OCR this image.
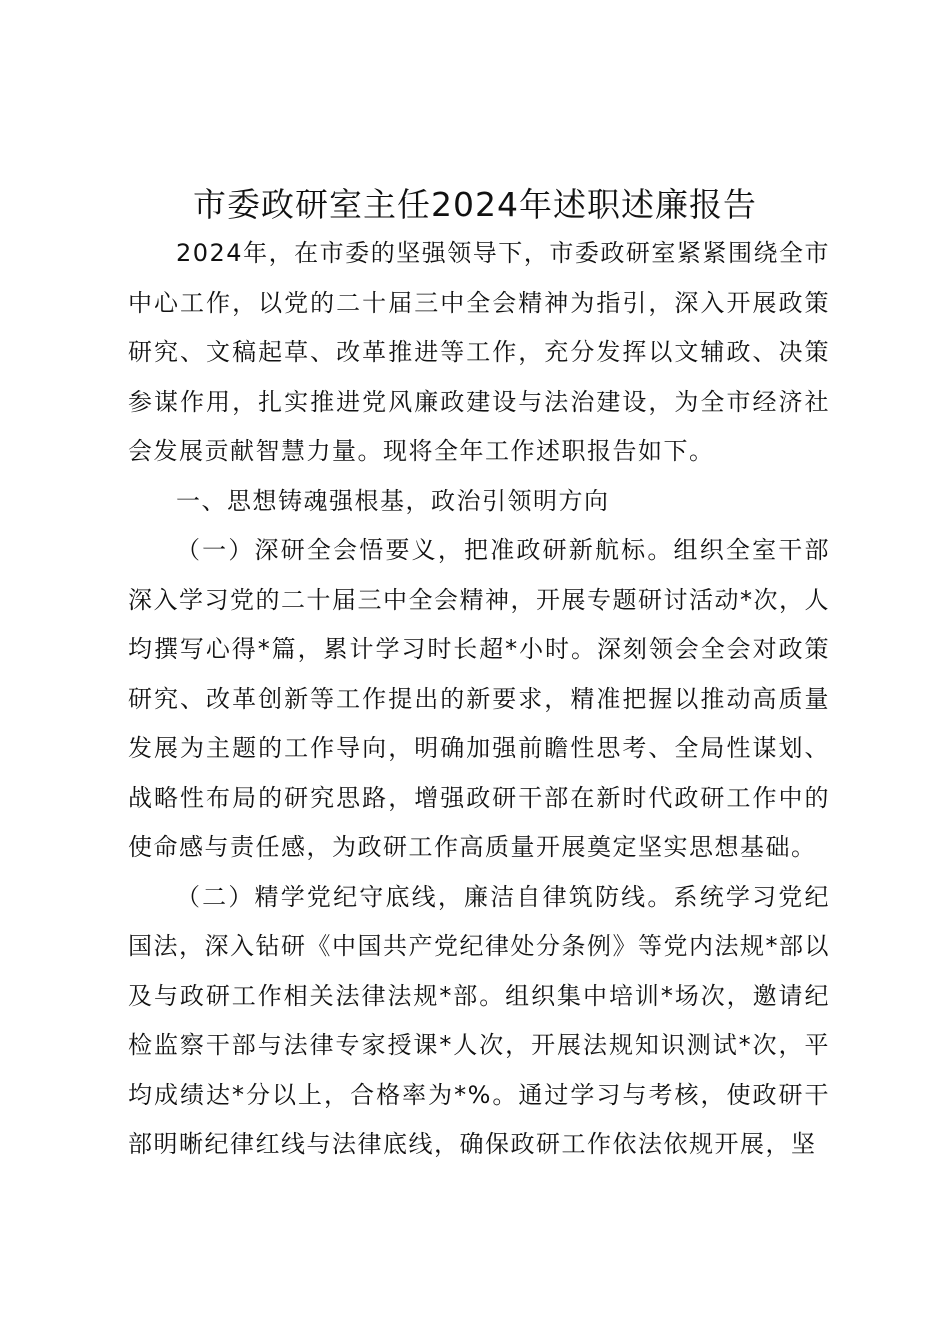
市委政研室主任2024年述职述廉报告

2024年，在市委的坚强领导下，市委政研室紧紧围绕全市中心工作，以党的二十届三中全会精神为指引，深入开展政策研究、文稿起草、改革推进等工作，充分发挥以文辅政、决策参谋作用，扎实推进党风廉政建设与法治建设，为全市经济社会发展贡献智慧力量。现将全年工作述职报告如下。

一、思想铸魂强根基，政治引领明方向

（一）深研全会悟要义，把准政研新航标。组织全室干部深入学习党的二十届三中全会精神，开展专题研讨活动*次，人均撰写心得*篇，累计学习时长超*小时。深刻领会全会对政策研究、改革创新等工作提出的新要求，精准把握以推动高质量发展为主题的工作导向，明确加强前瞻性思考、全局性谋划、战略性布局的研究思路，增强政研干部在新时代政研工作中的使命感与责任感，为政研工作高质量开展奠定坚实思想基础。

（二）精学党纪守底线，廉洁自律筑防线。系统学习党纪国法，深入钻研《中国共产党纪律处分条例》等党内法规*部以及与政研工作相关法律法规*部。组织集中培训*场次，邀请纪检监察干部与法律专家授课*人次，开展法规知识测试*次，平均成绩达*分以上，合格率为*%。通过学习与考核，使政研干部明晰纪律红线与法律底线，确保政研工作依法依规开展，坚
